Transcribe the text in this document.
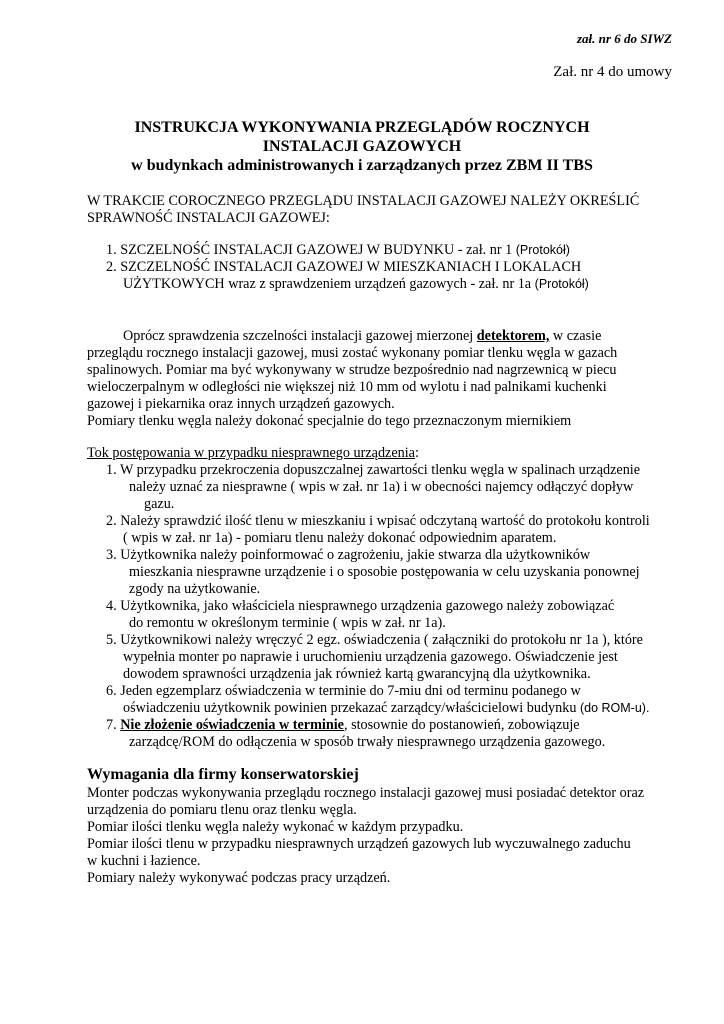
zał. nr 6 do SIWZ
Zał. nr 4 do umowy
INSTRUKCJA WYKONYWANIA PRZEGLĄDÓW ROCZNYCH
INSTALACJI GAZOWYCH
w budynkach administrowanych i zarządzanych przez ZBM II TBS
W TRAKCIE COROCZNEGO PRZEGLĄDU INSTALACJI GAZOWEJ NALEŻY OKREŚLIĆ
SPRAWNOŚĆ INSTALACJI GAZOWEJ:
1. SZCZELNOŚĆ INSTALACJI GAZOWEJ W BUDYNKU - zał. nr 1 (Protokół)
2. SZCZELNOŚĆ INSTALACJI GAZOWEJ W MIESZKANIACH I LOKALACH
UŻYTKOWYCH wraz z sprawdzeniem urządzeń gazowych - zał. nr 1a (Protokół)
Oprócz sprawdzenia szczelności instalacji gazowej mierzonej detektorem, w czasie
przeglądu rocznego instalacji gazowej, musi zostać wykonany pomiar tlenku węgla w gazach
spalinowych. Pomiar ma być wykonywany w strudze bezpośrednio nad nagrzewnicą w piecu
wieloczerpalnym w odległości nie większej niż 10 mm od wylotu i nad palnikami kuchenki
gazowej i piekarnika oraz innych urządzeń gazowych.
Pomiary tlenku węgla należy dokonać specjalnie do tego przeznaczonym miernikiem
Tok postępowania w przypadku niesprawnego urządzenia:
1. W przypadku przekroczenia dopuszczalnej zawartości tlenku węgla w spalinach urządzenie
należy uznać za niesprawne ( wpis w zał. nr 1a) i w obecności najemcy odłączyć dopływ
gazu.
2. Należy sprawdzić ilość tlenu w mieszkaniu i wpisać odczytaną wartość do protokołu kontroli
( wpis w zał. nr 1a) - pomiaru tlenu należy dokonać odpowiednim aparatem.
3. Użytkownika należy poinformować o zagrożeniu, jakie stwarza dla użytkowników
mieszkania niesprawne urządzenie i o sposobie postępowania w celu uzyskania ponownej
zgody na użytkowanie.
4. Użytkownika, jako właściciela niesprawnego urządzenia gazowego należy zobowiązać
do remontu w określonym terminie ( wpis w zał. nr 1a).
5. Użytkownikowi należy wręczyć 2 egz. oświadczenia ( załączniki do protokołu nr 1a ), które
wypełnia monter po naprawie i uruchomieniu urządzenia gazowego. Oświadczenie jest
dowodem sprawności urządzenia jak również kartą gwarancyjną dla użytkownika.
6. Jeden egzemplarz oświadczenia w terminie do 7-miu dni od terminu podanego w
oświadczeniu użytkownik powinien przekazać zarządcy/właścicielowi budynku (do ROM-u).
7. Nie złożenie oświadczenia w terminie, stosownie do postanowień, zobowiązuje
zarządcę/ROM do odłączenia w sposób trwały niesprawnego urządzenia gazowego.
Wymagania dla firmy konserwatorskiej
Monter podczas wykonywania przeglądu rocznego instalacji gazowej musi posiadać detektor oraz
urządzenia do pomiaru tlenu oraz tlenku węgla.
Pomiar ilości tlenku węgla należy wykonać w każdym przypadku.
Pomiar ilości tlenu w przypadku niesprawnych urządzeń gazowych lub wyczuwalnego zaduchu
w kuchni i łazience.
Pomiary należy wykonywać podczas pracy urządzeń.
